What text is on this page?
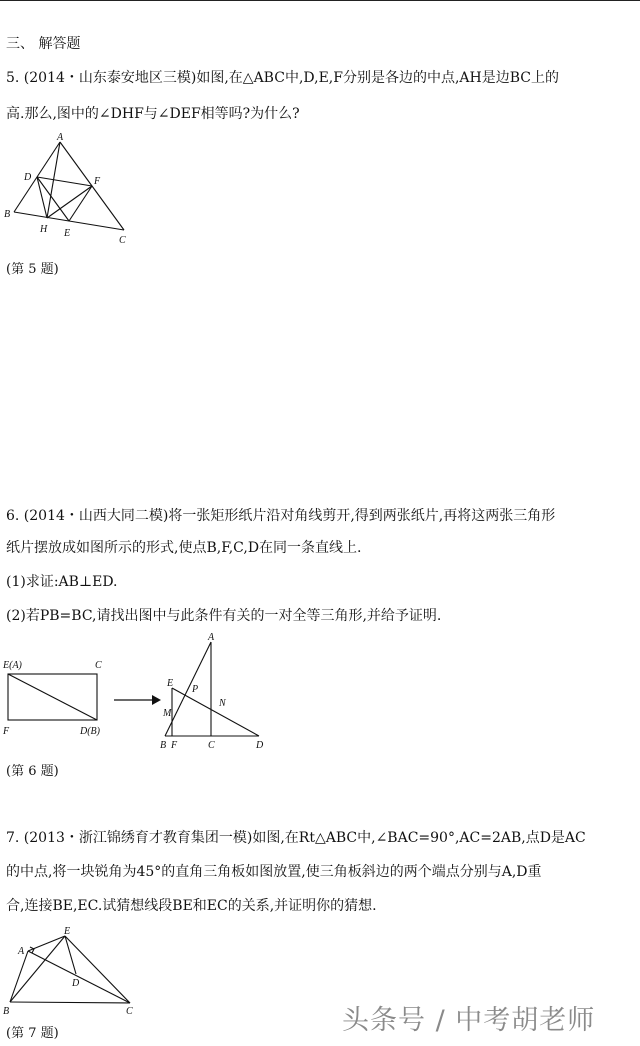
三、 解答题
5. (2014・山东泰安地区三模)如图,在△ABC中,D,E,F分别是各边的中点,AH是边BC上的
高.那么,图中的∠DHF与∠DEF相等吗?为什么?
A
B
C
D
E
F
H
(第 5 题)
6. (2014・山西大同二模)将一张矩形纸片沿对角线剪开,得到两张纸片,再将这两张三角形
纸片摆放成如图所示的形式,使点B,F,C,D在同一条直线上.
(1)求证:AB⊥ED.
(2)若PB=BC,请找出图中与此条件有关的一对全等三角形,并给予证明.
E(A)	C
F	D(B)
A
E
P
M
N
B F	C	D
(第 6 题)
7. (2013・浙江锦绣育才教育集团一模)如图,在Rt△ABC中,∠BAC=90°,AC=2AB,点D是AC
的中点,将一块锐角为45°的直角三角板如图放置,使三角板斜边的两个端点分别与A,D重
合,连接BE,EC.试猜想线段BE和EC的关系,并证明你的猜想.
A
B	C
D
E
(第 7 题)	头条号 / 中考胡老师
